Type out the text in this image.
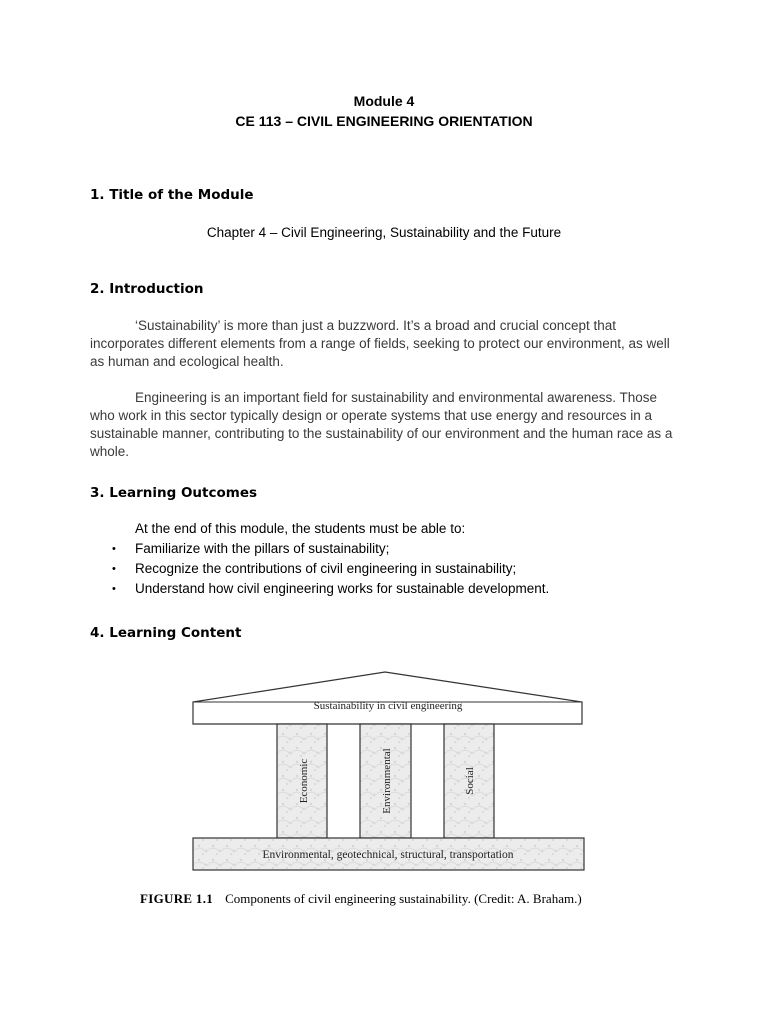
Module 4
CE 113 – CIVIL ENGINEERING ORIENTATION
1. Title of the Module
Chapter 4 – Civil Engineering, Sustainability and the Future
2. Introduction

‘Sustainability’ is more than just a buzzword. It’s a broad and crucial concept that incorporates different elements from a range of fields, seeking to protect our environment, as well as human and ecological health.

Engineering is an important field for sustainability and environmental awareness. Those who work in this sector typically design or operate systems that use energy and resources in a sustainable manner, contributing to the sustainability of our environment and the human race as a whole.

3. Learning Outcomes
At the end of this module, the students must be able to:
•	Familiarize with the pillars of sustainability;
•	Recognize the contributions of civil engineering in sustainability;
•	Understand how civil engineering works for sustainable development.
4. Learning Content
Sustainability in civil engineering
Economic	Environmental	Social
Environmental, geotechnical, structural, transportation
FIGURE 1.1 Components of civil engineering sustainability. (Credit: A. Braham.)
